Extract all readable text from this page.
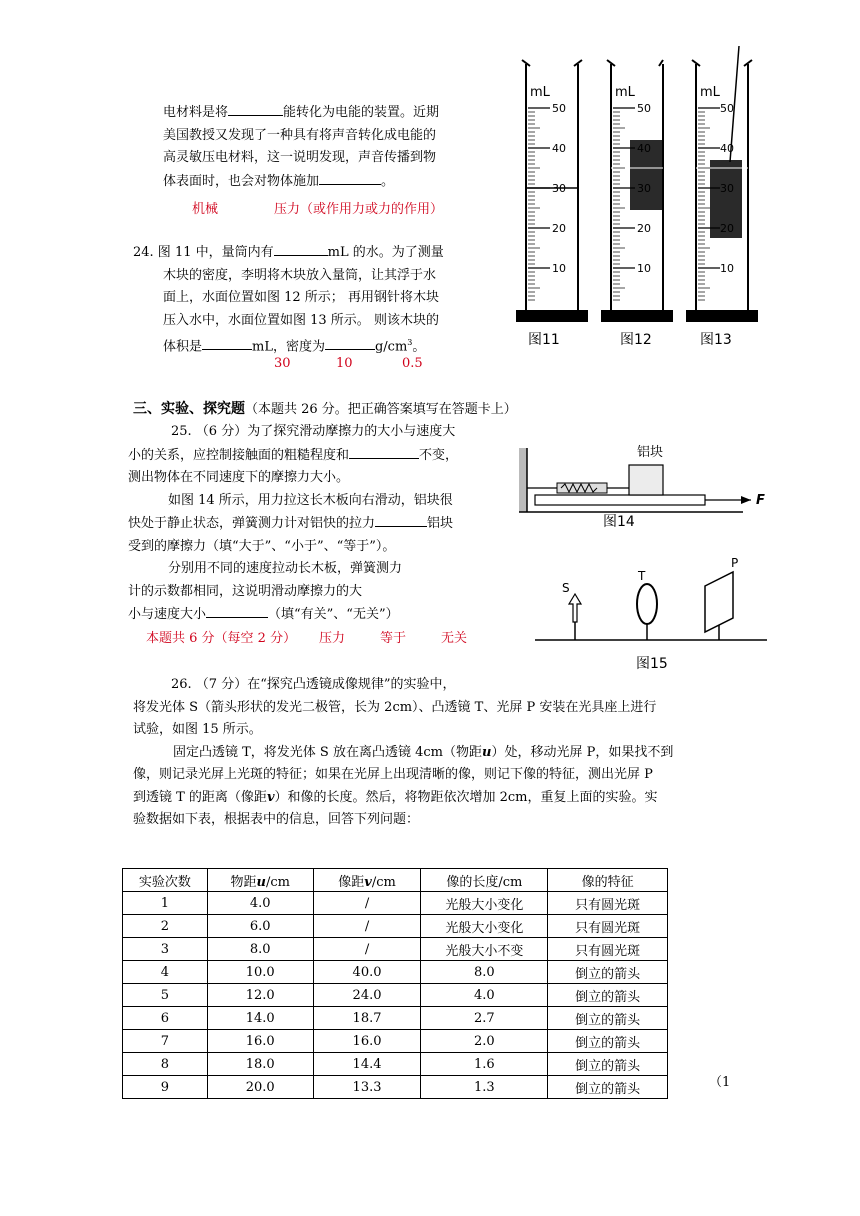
电材料是将	能转化为电能的装置。近期
美国教授又发现了一种具有将声音转化成电能的
高灵敏压电材料，这一说明发现，声音传播到物
体表面时，也会对物体施加	。
机械	压力（或作用力或力的作用）
24. 图 11 中，量筒内有	mL 的水。为了测量
木块的密度，李明将木块放入量筒，让其浮于水
面上，水面位置如图 12 所示； 再用钢针将木块
压入水中，水面位置如图 13 所示。 则该木块的
体积是	mL，密度为	$g/cm^3$。
30	10	0.5
mL
50
40
30
20
10
mL
50
40
30
20
10
mL
50
40
30
20
10
图11	图12	图13
三、实验、探究题（本题共 26 分。把正确答案填写在答题卡上）
25. （6 分）为了探究滑动摩擦力的大小与速度大
小的关系，应控制接触面的粗糙程度和	不变，
测出物体在不同速度下的摩擦力大小。
如图 14 所示，用力拉这长木板向右滑动，铝块很
快处于静止状态，弹簧测力计对铝快的拉力	铝块
受到的摩擦力（填“大于”、“小于”、“等于”）。
分别用不同的速度拉动长木板，弹簧测力
计的示数都相同，这说明滑动摩擦力的大
小与速度大小	（填“有关”、“无关”）
本题共 6 分（每空 2 分） 压力	等于	无关
铝块
F
图14
S
T
P
图15
26. （7 分）在“探究凸透镜成像规律”的实验中，
将发光体 S（箭头形状的发光二极管，长为 2cm）、凸透镜 T、光屏 P 安装在光具座上进行
试验，如图 15 所示。
固定凸透镜 T，将发光体 S 放在离凸透镜 4cm（物距u）处，移动光屏 P，如果找不到
像，则记录光屏上光斑的特征；如果在光屏上出现清晰的像，则记下像的特征，测出光屏 P
到透镜 T 的距离（像距v）和像的长度。然后，将物距依次增加 2cm，重复上面的实验。实
验数据如下表，根据表中的信息，回答下列问题：
实验次数	物距u/cm	像距v/cm	像的长度/cm	像的特征
1	4.0	/	光般大小变化	只有圆光斑
2	6.0	/	光般大小变化	只有圆光斑
3	8.0	/	光般大小不变	只有圆光斑
4	10.0	40.0	8.0	倒立的箭头
5	12.0	24.0	4.0	倒立的箭头
6	14.0	18.7	2.7	倒立的箭头
7	16.0	16.0	2.0	倒立的箭头
8	18.0	14.4	1.6	倒立的箭头
9	20.0	13.3	1.3	倒立的箭头	（1
